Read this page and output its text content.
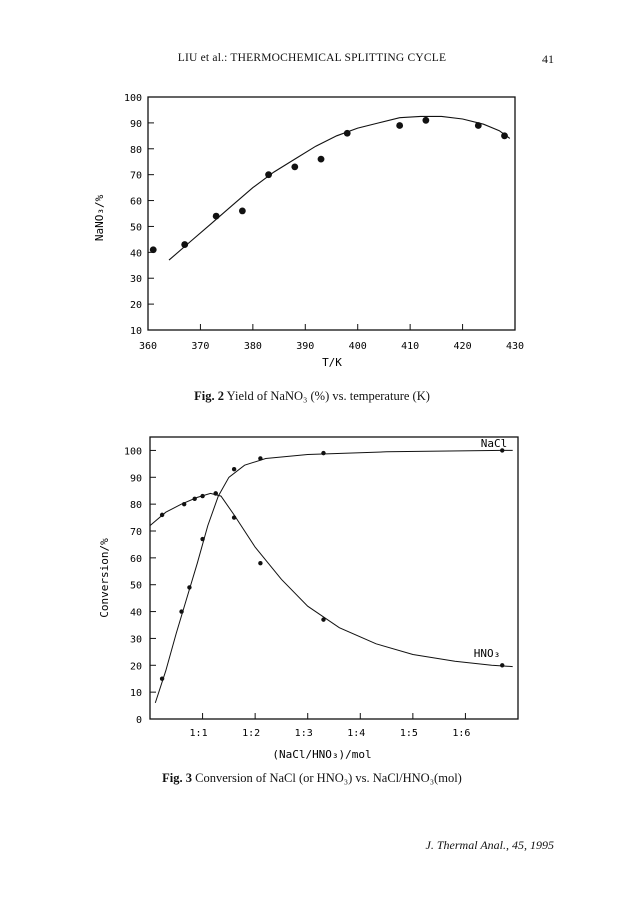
LIU et al.: THERMOCHEMICAL SPLITTING CYCLE	41
10
20
30
40
50
60
70
80
90
100
360	370	380	390	400	410	420	430
T/K
NaNO₃/%
Fig. 2 Yield of NaNO₃ (%) vs. temperature (K)
0
10
20
30
40
50
60
70
80
90
100
1:1	1:2	1:3	1:4	1:5	1:6
(NaCl/HNO₃)/mol
Conversion/%
NaCl
HNO₃
Fig. 3 Conversion of NaCl (or HNO₃) vs. NaCl/HNO₃(mol)
J. Thermal Anal., 45, 1995
